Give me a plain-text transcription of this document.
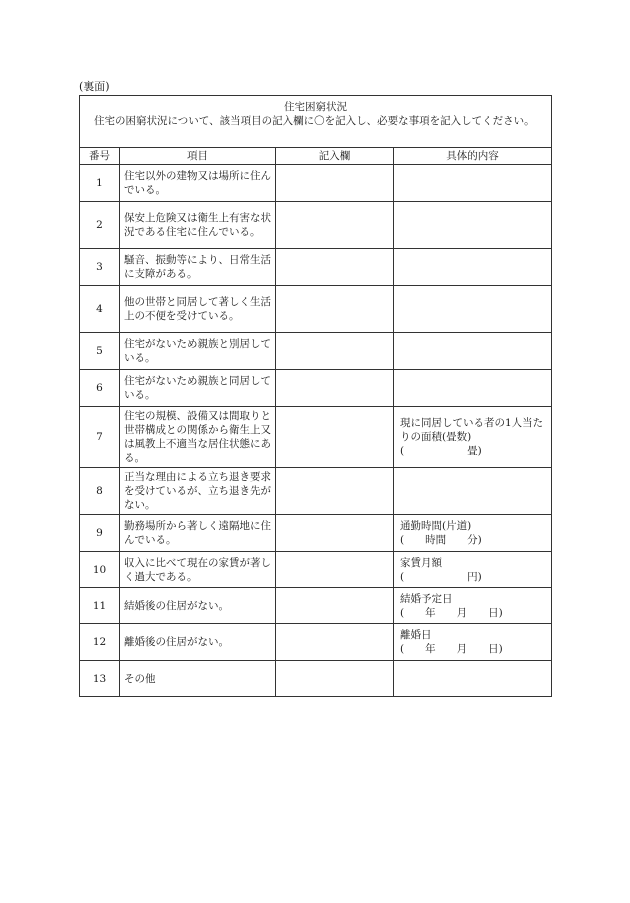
(裏面)
住宅困窮状況
住宅の困窮状況について、該当項目の記入欄に〇を記入し、必要な事項を記入してください。			

番号	項目	記入欄	具体的内容
1	住宅以外の建物又は場所に住んでいる。		
2	保安上危険又は衛生上有害な状況である住宅に住んでいる。		
3	騒音、振動等により、日常生活に支障がある。		
4	他の世帯と同居して著しく生活上の不便を受けている。		
5	住宅がないため親族と別居している。		
6	住宅がないため親族と同居している。		
7	住宅の規模、設備又は間取りと世帯構成との関係から衛生上又は風教上不適当な居住状態にある。		現に同居している者の1人当たりの面積(畳数)
(　　　　　　畳)
8	正当な理由による立ち退き要求を受けているが、立ち退き先がない。		
9	勤務場所から著しく遠隔地に住んでいる。		通勤時間(片道)
(　　時間　　分)
10	収入に比べて現在の家賃が著しく過大である。		家賃月額
(　　　　　　円)
11	結婚後の住居がない。		結婚予定日
(　　年　　月　　日)
12	離婚後の住居がない。		離婚日
(　　年　　月　　日)
13	その他		
